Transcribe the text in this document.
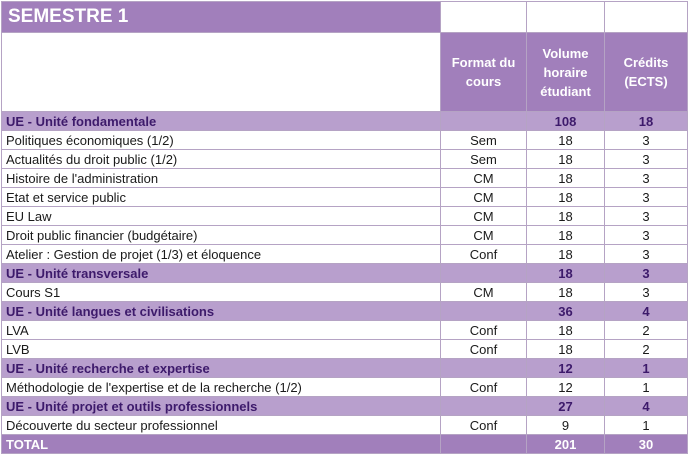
SEMESTRE 1			
	Format du cours	Volume horaire étudiant	Crédits (ECTS)
UE - Unité fondamentale		108	18
Politiques économiques (1/2)	Sem	18	3
Actualités du droit public (1/2)	Sem	18	3
Histoire de l'administration	CM	18	3
Etat et service public	CM	18	3
EU Law	CM	18	3
Droit public financier (budgétaire)	CM	18	3
Atelier : Gestion de projet (1/3) et éloquence	Conf	18	3
UE - Unité transversale		18	3
Cours S1	CM	18	3
UE - Unité langues et civilisations		36	4
LVA	Conf	18	2
LVB	Conf	18	2
UE - Unité recherche et expertise		12	1
Méthodologie de l'expertise et de la recherche (1/2)	Conf	12	1
UE - Unité projet et outils professionnels		27	4
Découverte du secteur professionnel	Conf	9	1
TOTAL		201	30
